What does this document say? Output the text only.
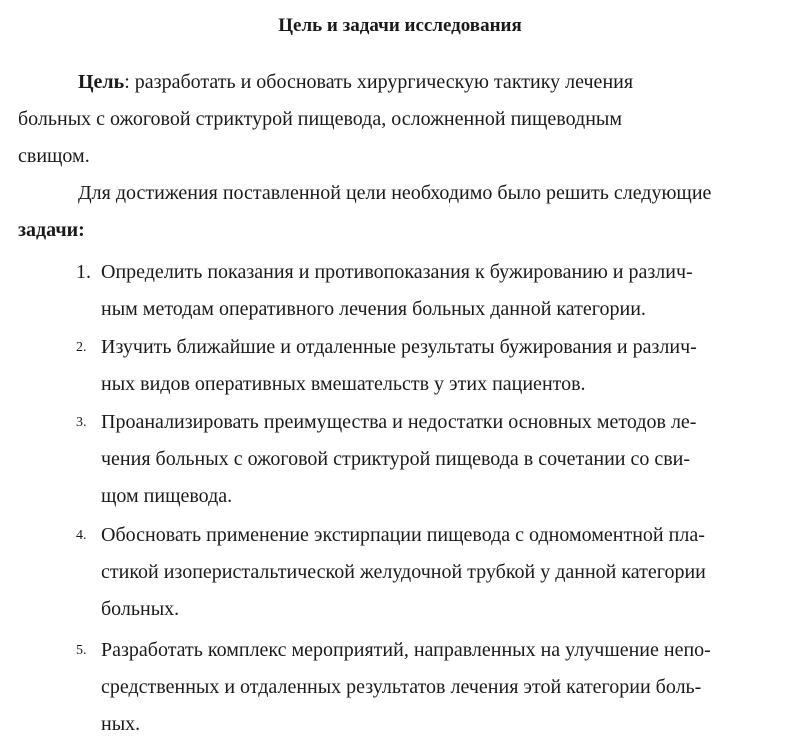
Цель и задачи исследования
Цель: разработать и обосновать хирургическую тактику лечения
больных с ожоговой стриктурой пищевода, осложненной пищеводным
свищом.
Для достижения поставленной цели необходимо было решить следующие
задачи:
1. Определить показания и противопоказания к бужированию и различ-
ным методам оперативного лечения больных данной категории.
2. Изучить ближайшие и отдаленные результаты бужирования и различ-
ных видов оперативных вмешательств у этих пациентов.
3. Проанализировать преимущества и недостатки основных методов ле-
чения больных с ожоговой стриктурой пищевода в сочетании со сви-
щом пищевода.
4. Обосновать применение экстирпации пищевода с одномоментной пла-
стикой изоперистальтической желудочной трубкой у данной категории
больных.
5. Разработать комплекс мероприятий, направленных на улучшение непо-
средственных и отдаленных результатов лечения этой категории боль-
ных.
